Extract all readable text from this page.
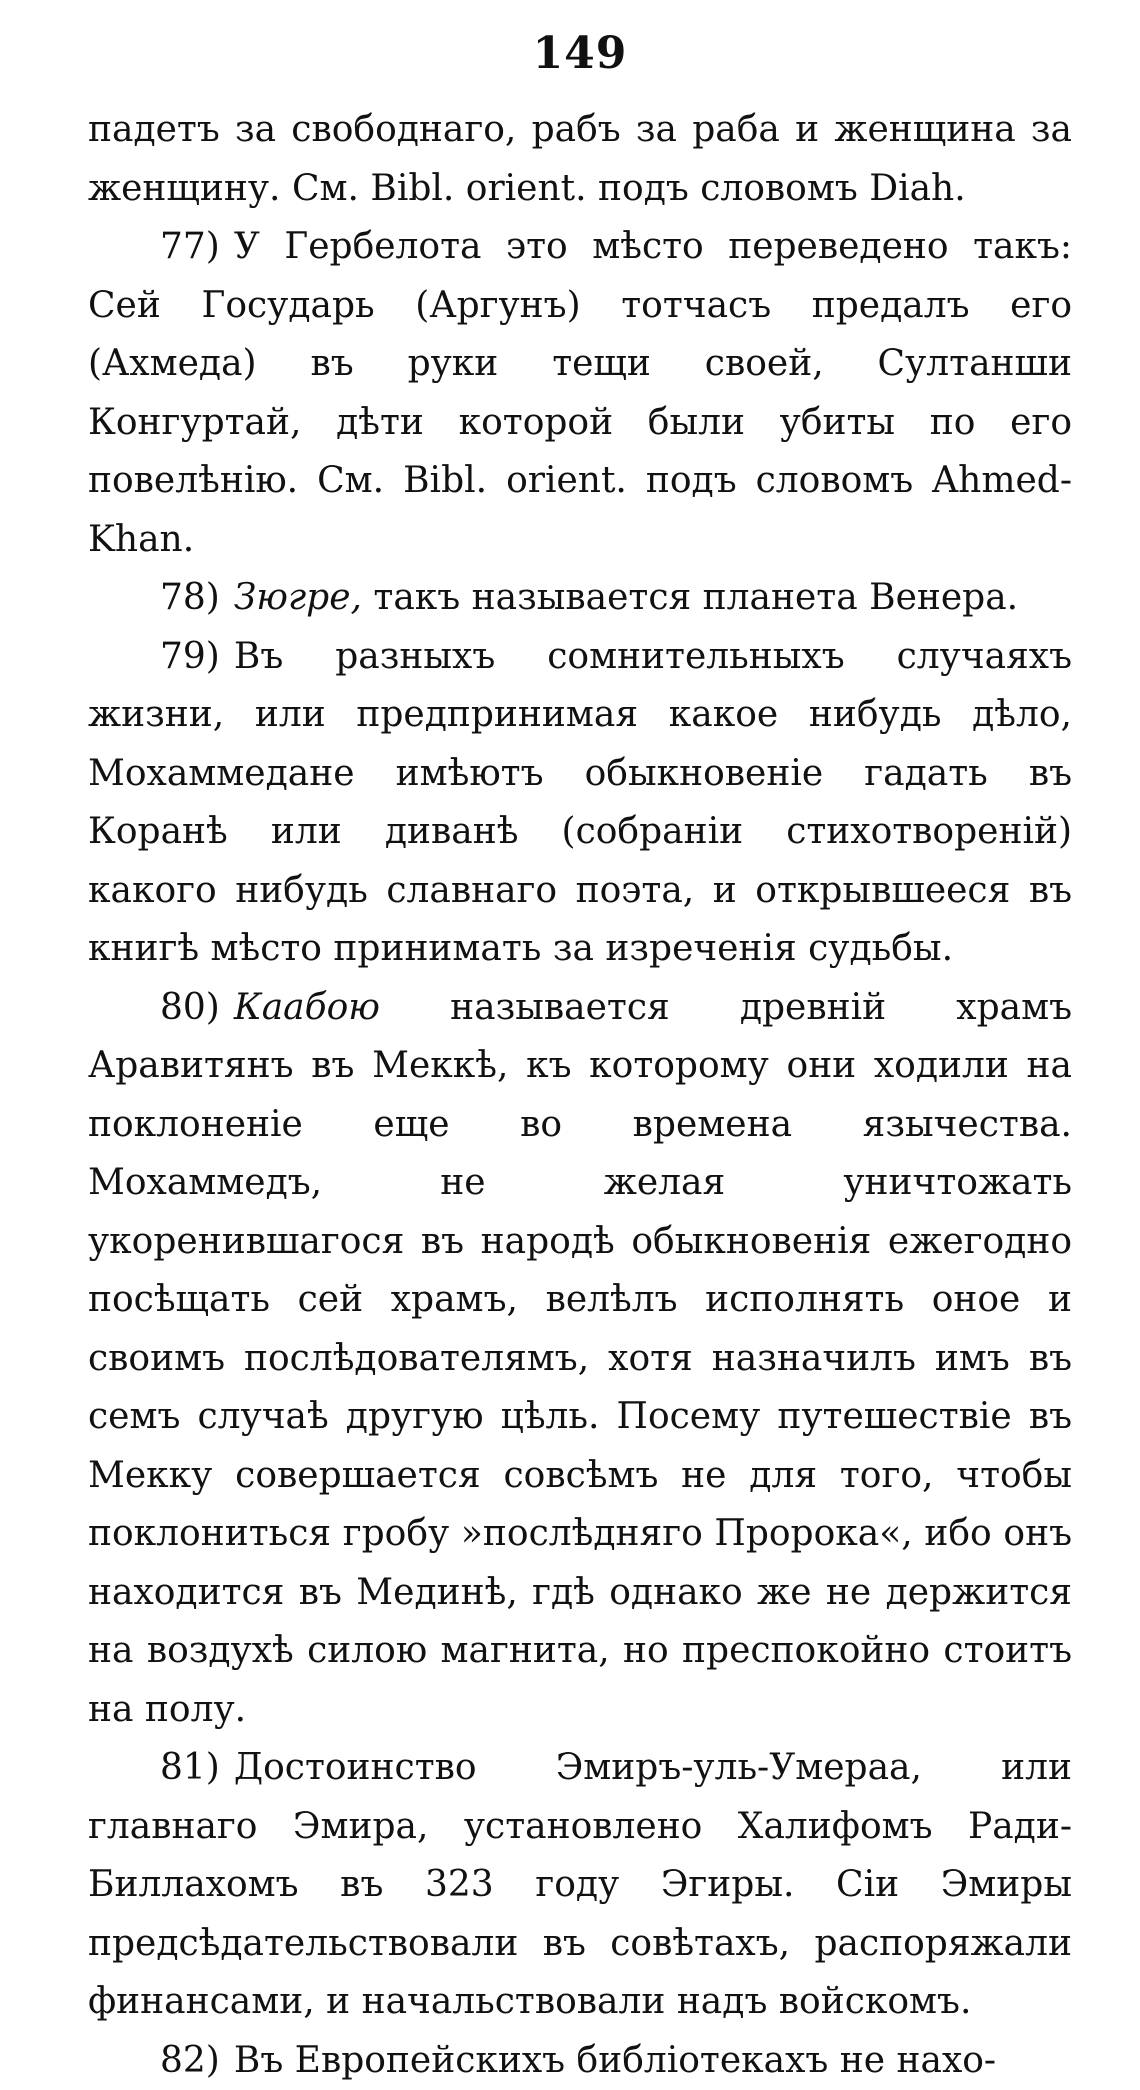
149

падетъ за свободнаго, рабъ за раба и женщина за женщину. См. Bibl. orient. подъ словомъ Diah.

77) У Гербелота это мѣсто переведено такъ: Сей Государь (Аргунъ) тотчасъ предалъ его (Ахмеда) въ руки тещи своей, Султанши Конгуртай, дѣти которой были убиты по его повелѣнію. См. Bibl. orient. подъ словомъ Ahmed-Khan.

78) Зюгре, такъ называется планета Венера.

79) Въ разныхъ сомнительныхъ случаяхъ жизни, или предпринимая какое нибудь дѣло, Мохаммедане имѣютъ обыкновеніе гадать въ Коранѣ или диванѣ (собраніи стихотвореній) какого нибудь славнаго поэта, и открывшееся въ книгѣ мѣсто принимать за изреченія судьбы.

80) Каабою называется древній храмъ Аравитянъ въ Меккѣ, къ которому они ходили на поклоненіе еще во времена язычества. Мохаммедъ, не желая уничтожать укоренившагося въ народѣ обыкновенія ежегодно посѣщать сей храмъ, велѣлъ исполнять оное и своимъ послѣдователямъ, хотя назначилъ имъ въ семъ случаѣ другую цѣль. Посему путешествіе въ Мекку совершается совсѣмъ не для того, чтобы поклониться гробу »послѣдняго Пророка«, ибо онъ находится въ Мединѣ, гдѣ однако же не держится на воздухѣ силою магнита, но преспокойно стоитъ на полу.

81) Достоинство Эмиръ-уль-Умераа, или главнаго Эмира, установлено Халифомъ Ради-Биллахомъ въ 323 году Эгиры. Сіи Эмиры предсѣдательствовали въ совѣтахъ, распоряжали финансами, и начальствовали надъ войскомъ.

82) Въ Европейскихъ библіотекахъ не нахо-
